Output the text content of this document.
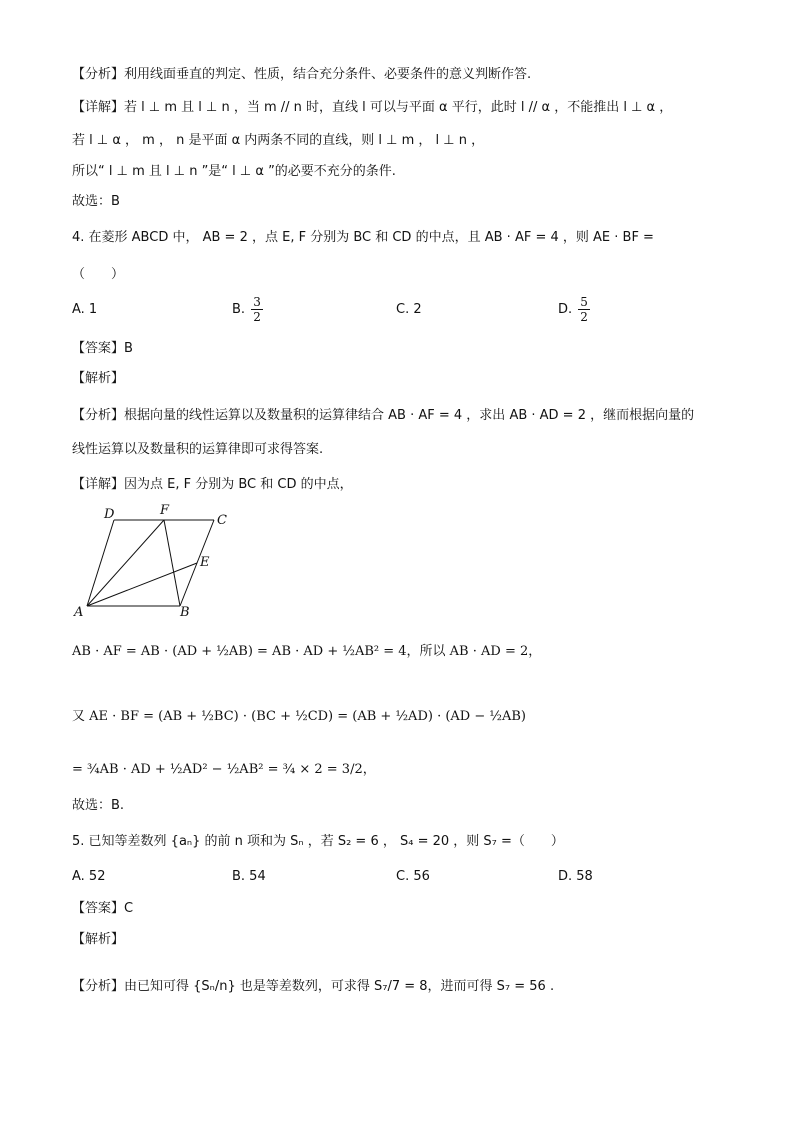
【分析】利用线面垂直的判定、性质，结合充分条件、必要条件的意义判断作答.
【详解】若 l ⊥ m 且 l ⊥ n ，当 m // n 时，直线 l 可以与平面 α 平行，此时 l // α ，不能推出 l ⊥ α ，
若 l ⊥ α ， m ， n 是平面 α 内两条不同的直线，则 l ⊥ m ， l ⊥ n ，
所以“ l ⊥ m 且 l ⊥ n ”是“ l ⊥ α ”的必要不充分的条件.
故选：B
4. 在菱形 ABCD 中， AB = 2 ，点 E, F 分别为 BC 和 CD 的中点，且 AB · AF = 4 ，则 AE · BF =
（　　）
A. 1	B. $\frac{3}{2}$	C. 2	D. $\frac{5}{2}$
【答案】B
【解析】
【分析】根据向量的线性运算以及数量积的运算律结合 AB · AF = 4 ，求出 AB · AD = 2 ，继而根据向量的
线性运算以及数量积的运算律即可求得答案.
【详解】因为点 E, F 分别为 BC 和 CD 的中点，
D	F
C
E
A	B
AB · AF = AB · (AD + ½AB) = AB · AD + ½AB² = 4，所以 AB · AD = 2，
又 AE · BF = (AB + ½BC) · (BC + ½CD) = (AB + ½AD) · (AD − ½AB)
= ¾AB · AD + ½AD² − ½AB² = ¾ × 2 = 3/2，
故选：B.
5. 已知等差数列 {aₙ} 的前 n 项和为 Sₙ ，若 S₂ = 6 ， S₄ = 20 ，则 S₇ =（　　）
A. 52	B. 54	C. 56	D. 58
【答案】C
【解析】
【分析】由已知可得 {Sₙ/n} 也是等差数列，可求得 S₇/7 = 8，进而可得 S₇ = 56 .
